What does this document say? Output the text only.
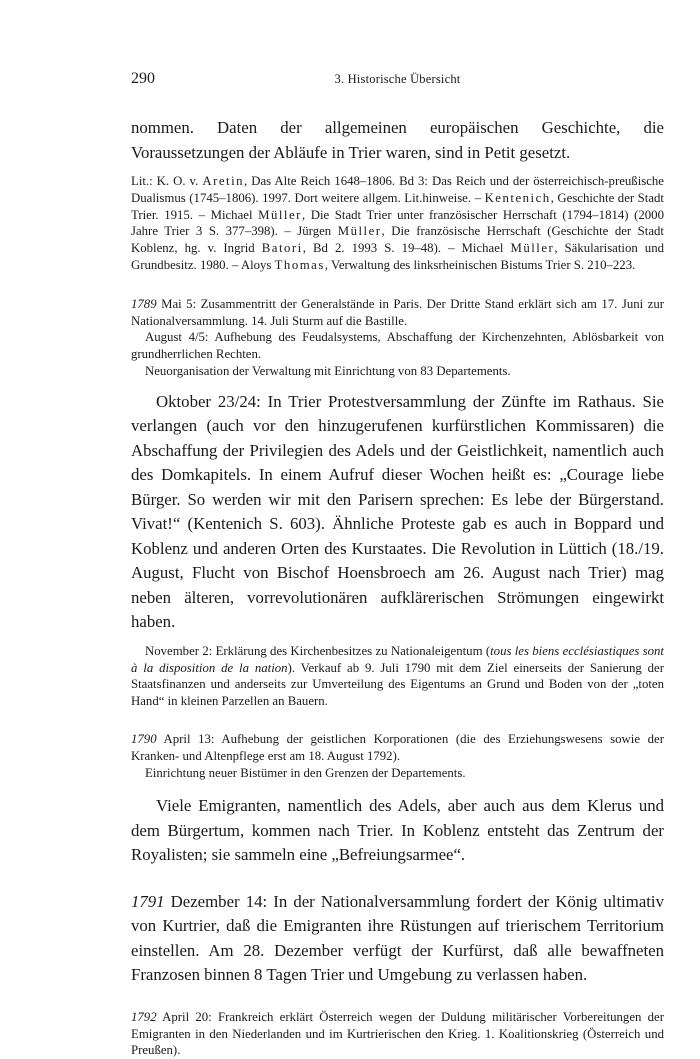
290	3. Historische Übersicht

nommen. Daten der allgemeinen europäischen Geschichte, die Voraussetzungen der Abläufe in Trier waren, sind in Petit gesetzt.

Lit.: K. O. v. Aretin, Das Alte Reich 1648–1806. Bd 3: Das Reich und der österreichisch-preußische Dualismus (1745–1806). 1997. Dort weitere allgem. Lit.hinweise. – Kentenich, Geschichte der Stadt Trier. 1915. – Michael Müller, Die Stadt Trier unter französischer Herrschaft (1794–1814) (2000 Jahre Trier 3 S. 377–398). – Jürgen Müller, Die französische Herrschaft (Geschichte der Stadt Koblenz, hg. v. Ingrid Batori, Bd 2. 1993 S. 19–48). – Michael Müller, Säkularisation und Grundbesitz. 1980. – Aloys Thomas, Verwaltung des linksrheinischen Bistums Trier S. 210–223.

1789 Mai 5: Zusammentritt der Generalstände in Paris. Der Dritte Stand erklärt sich am 17. Juni zur Nationalversammlung. 14. Juli Sturm auf die Bastille.

August 4/5: Aufhebung des Feudalsystems, Abschaffung der Kirchenzehnten, Ablösbarkeit von grundherrlichen Rechten.

Neuorganisation der Verwaltung mit Einrichtung von 83 Departements.

Oktober 23/24: In Trier Protestversammlung der Zünfte im Rathaus. Sie verlangen (auch vor den hinzugerufenen kurfürstlichen Kommissaren) die Abschaffung der Privilegien des Adels und der Geistlichkeit, namentlich auch des Domkapitels. In einem Aufruf dieser Wochen heißt es: „Courage liebe Bürger. So werden wir mit den Parisern sprechen: Es lebe der Bürgerstand. Vivat!“ (Kentenich S. 603). Ähnliche Proteste gab es auch in Boppard und Koblenz und anderen Orten des Kurstaates. Die Revolution in Lüttich (18./19. August, Flucht von Bischof Hoensbroech am 26. August nach Trier) mag neben älteren, vorrevolutionären aufklärerischen Strömungen eingewirkt haben.

November 2: Erklärung des Kirchenbesitzes zu Nationaleigentum (tous les biens ecclésiastiques sont à la disposition de la nation). Verkauf ab 9. Juli 1790 mit dem Ziel einerseits der Sanierung der Staatsfinanzen und anderseits zur Umverteilung des Eigentums an Grund und Boden von der „toten Hand“ in kleinen Parzellen an Bauern.

1790 April 13: Aufhebung der geistlichen Korporationen (die des Erziehungswesens sowie der Kranken- und Altenpflege erst am 18. August 1792).

Einrichtung neuer Bistümer in den Grenzen der Departements.

Viele Emigranten, namentlich des Adels, aber auch aus dem Klerus und dem Bürgertum, kommen nach Trier. In Koblenz entsteht das Zentrum der Royalisten; sie sammeln eine „Befreiungsarmee“.

1791 Dezember 14: In der Nationalversammlung fordert der König ultimativ von Kurtrier, daß die Emigranten ihre Rüstungen auf trierischem Territorium einstellen. Am 28. Dezember verfügt der Kurfürst, daß alle bewaffneten Franzosen binnen 8 Tagen Trier und Umgebung zu verlassen haben.

1792 April 20: Frankreich erklärt Österreich wegen der Duldung militärischer Vorbereitungen der Emigranten in den Niederlanden und im Kurtrierischen den Krieg. 1. Koalitionskrieg (Österreich und Preußen).
